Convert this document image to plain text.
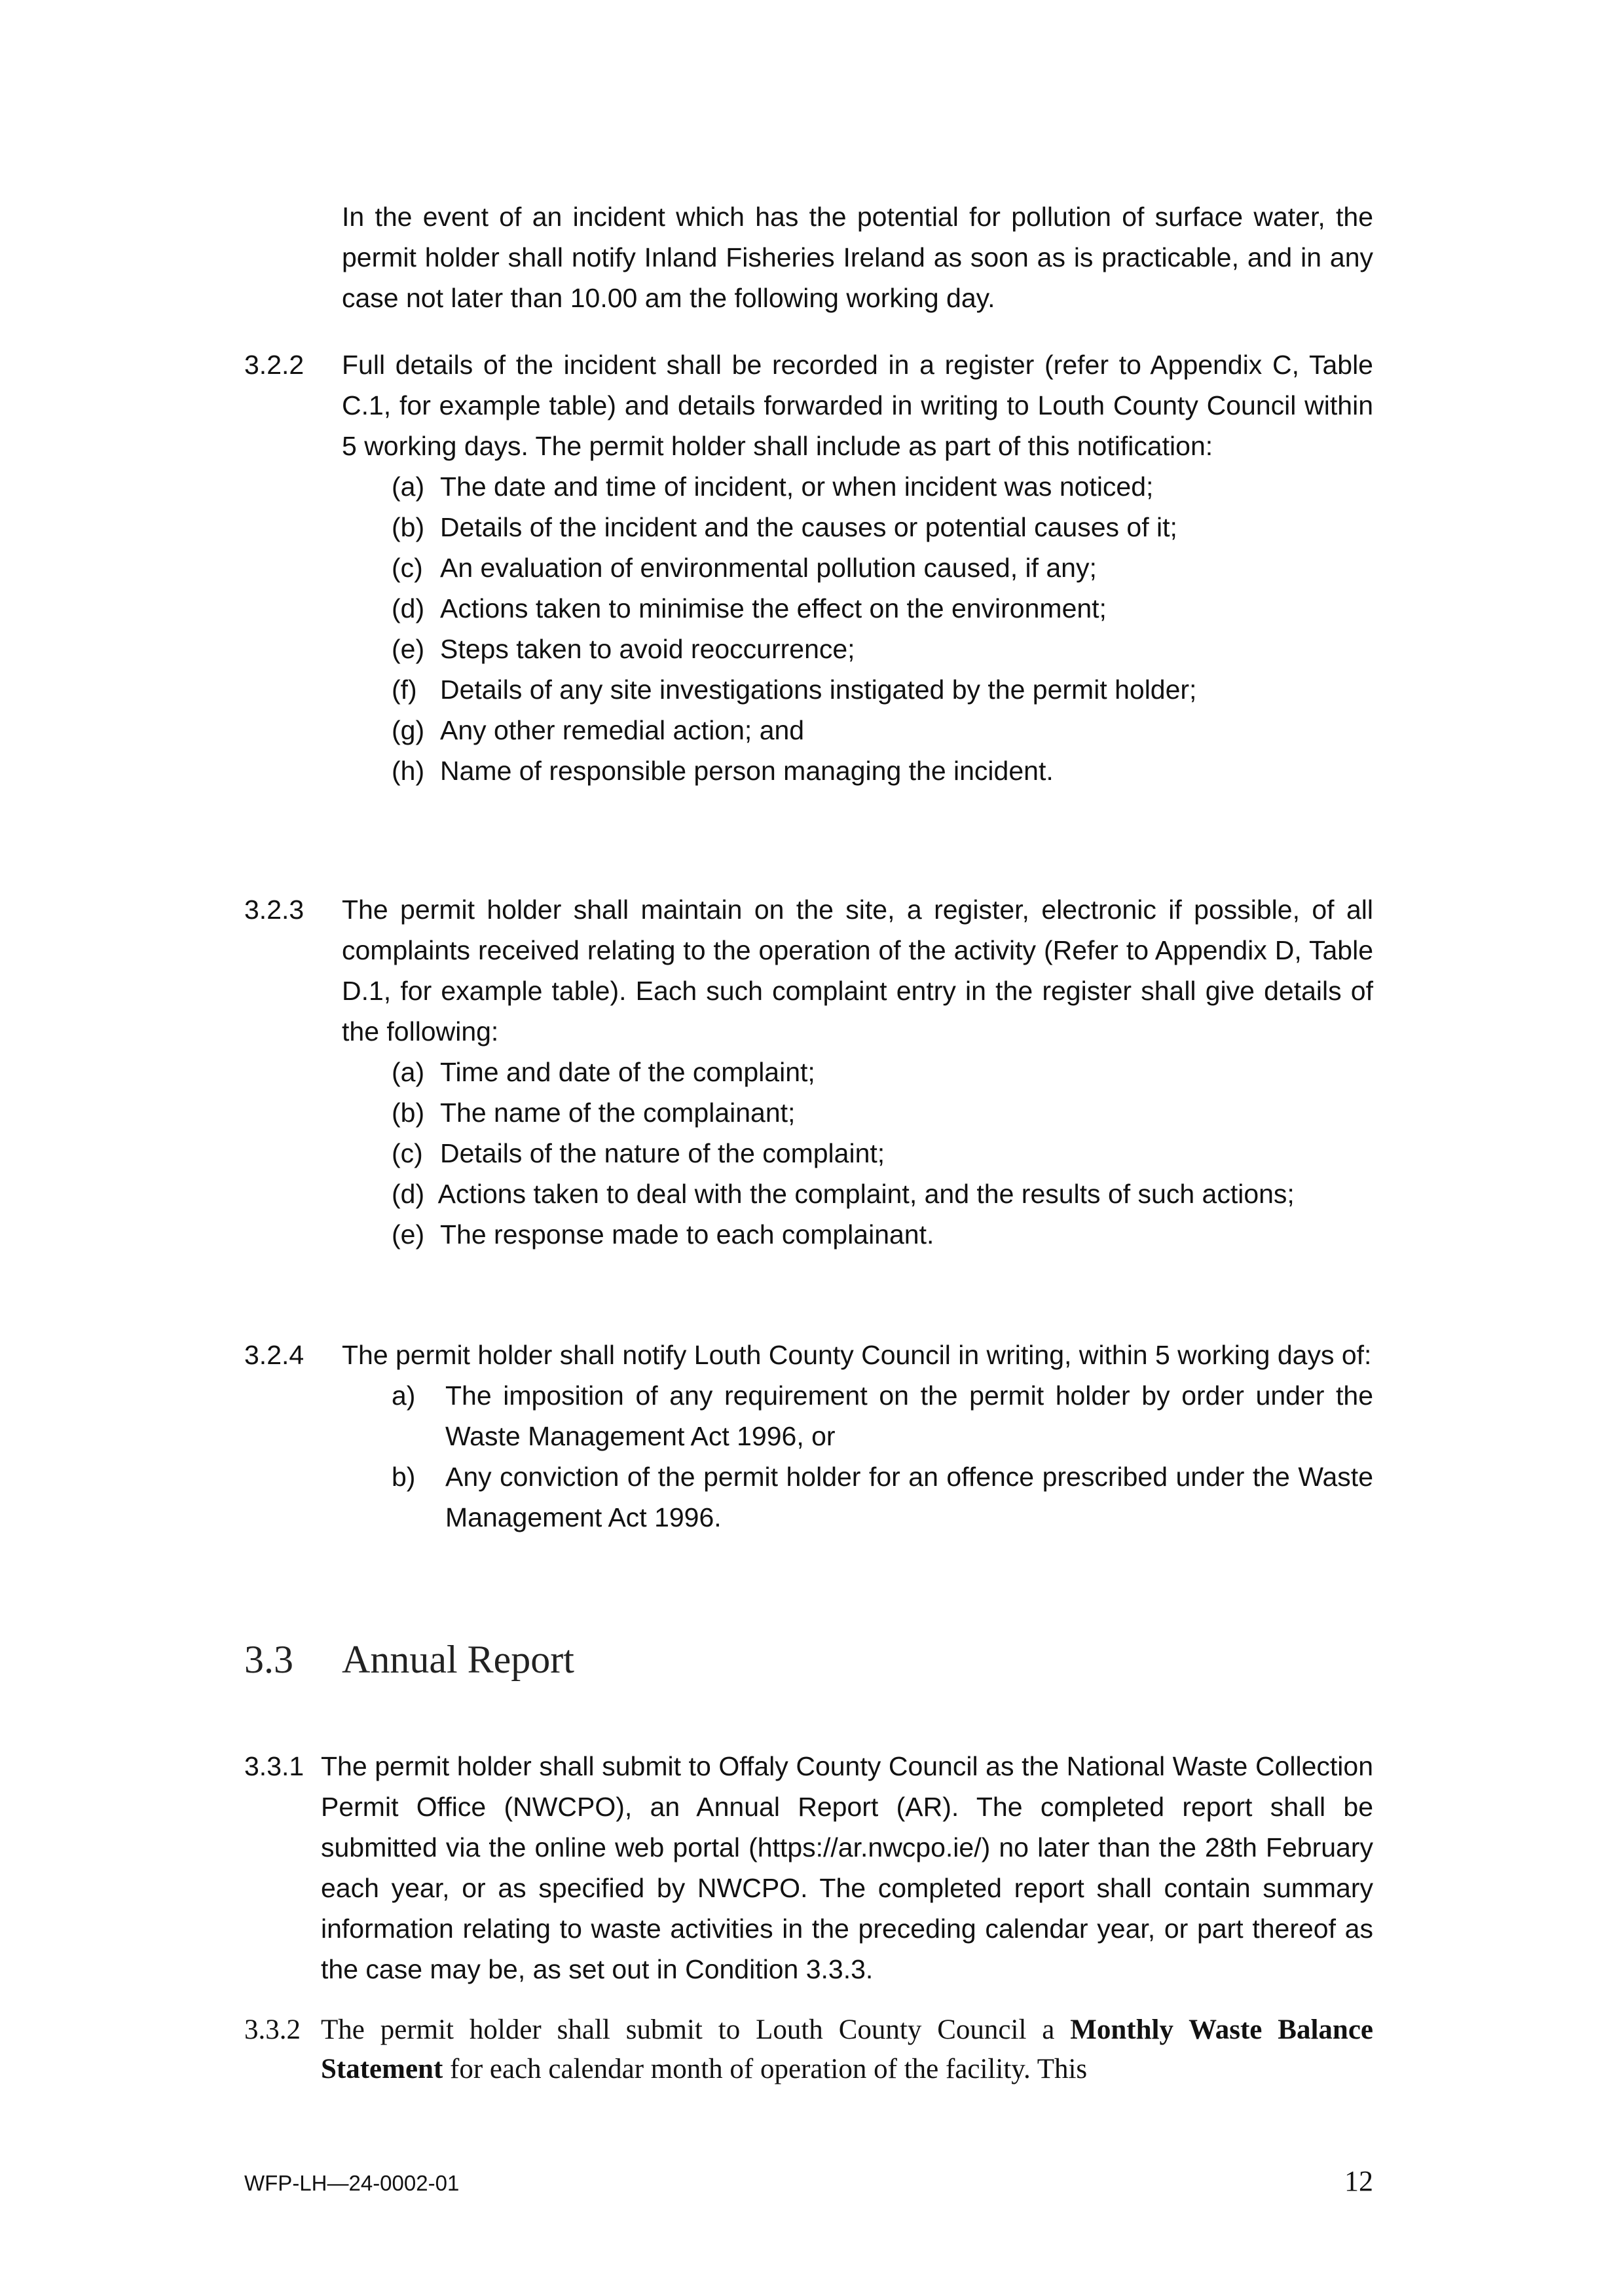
In the event of an incident which has the potential for pollution of surface water, the permit holder shall notify Inland Fisheries Ireland as soon as is practicable, and in any case not later than 10.00 am the following working day.

3.2.2	Full details of the incident shall be recorded in a register (refer to Appendix C, Table C.1, for example table) and details forwarded in writing to Louth County Council within 5 working days. The permit holder shall include as part of this notification:

(a) The date and time of incident, or when incident was noticed;
(b) Details of the incident and the causes or potential causes of it;
(c) An evaluation of environmental pollution caused, if any;
(d) Actions taken to minimise the effect on the environment;
(e) Steps taken to avoid reoccurrence;
(f) Details of any site investigations instigated by the permit holder;
(g) Any other remedial action; and
(h) Name of responsible person managing the incident.
3.2.3	The permit holder shall maintain on the site, a register, electronic if possible, of all complaints received relating to the operation of the activity (Refer to Appendix D, Table D.1, for example table). Each such complaint entry in the register shall give details of the following:

(a) Time and date of the complaint;
(b) The name of the complainant;
(c) Details of the nature of the complaint;
(d) Actions taken to deal with the complaint, and the results of such actions;
(e) The response made to each complainant.
3.2.4	The permit holder shall notify Louth County Council in writing, within 5 working days of:

a)	The imposition of any requirement on the permit holder by order under the Waste Management Act 1996, or
b)	Any conviction of the permit holder for an offence prescribed under the Waste Management Act 1996.
3.3	Annual Report
3.3.1 The permit holder shall submit to Offaly County Council as the National Waste Collection Permit Office (NWCPO), an Annual Report (AR). The completed report shall be submitted via the online web portal (https://ar.nwcpo.ie/) no later than the 28th February each year, or as specified by NWCPO. The completed report shall contain summary information relating to waste activities in the preceding calendar year, or part thereof as the case may be, as set out in Condition 3.3.3.

3.3.2 The permit holder shall submit to Louth County Council a Monthly Waste Balance Statement for each calendar month of operation of the facility. This

WFP-LH—24-0002-01	12
